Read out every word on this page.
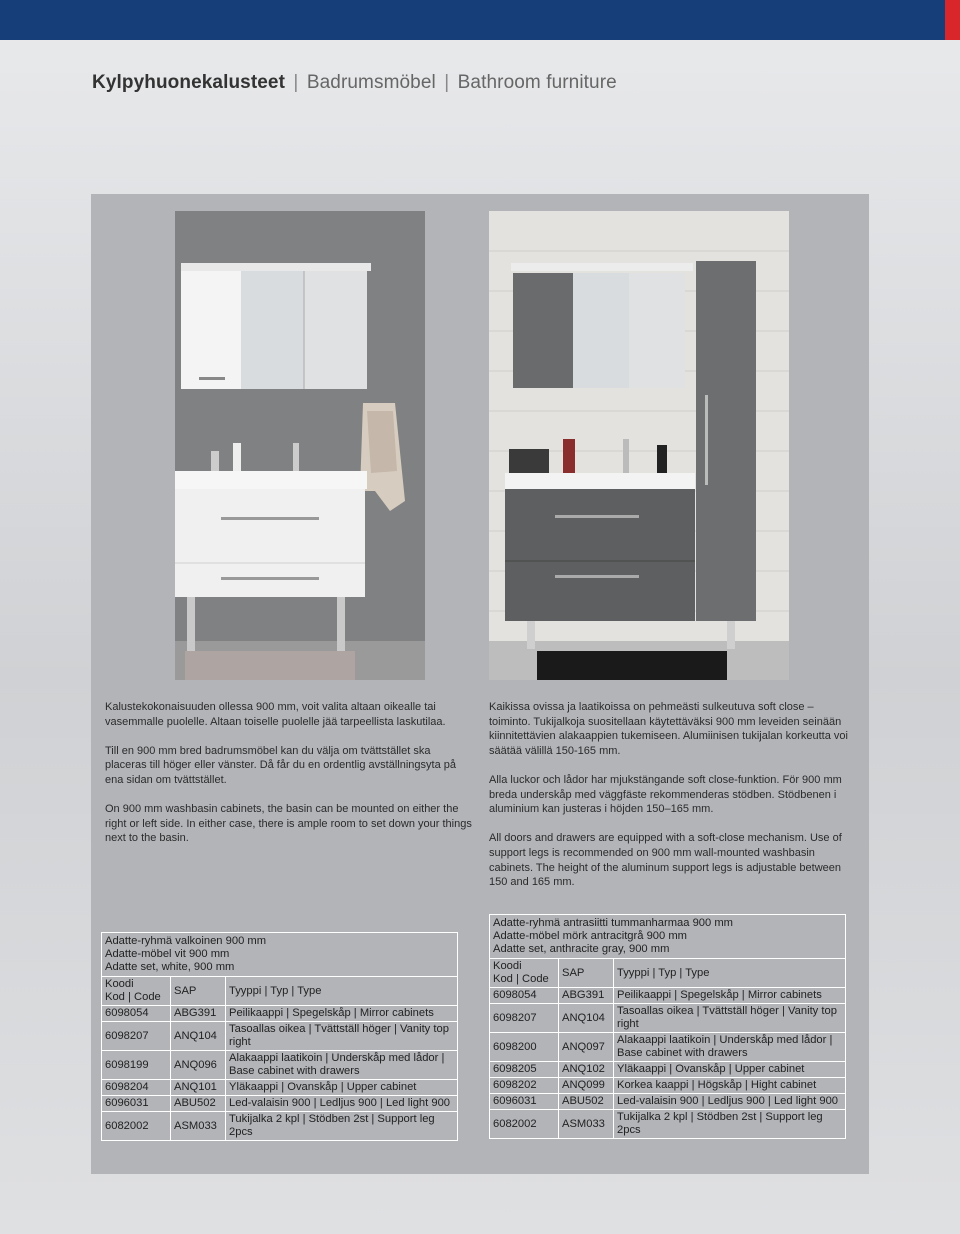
Kylpyhuonekalusteet | Badrumsmöbel | Bathroom furniture

Kalustekokonaisuuden ollessa 900 mm, voit valita altaan oikealle tai vasemmalle puolelle. Altaan toiselle puolelle jää tarpeellista laskutilaa.

Till en 900 mm bred badrumsmöbel kan du välja om tvättstället ska placeras till höger eller vänster. Då får du en ordentlig avställningsyta på ena sidan om tvättstället.

On 900 mm washbasin cabinets, the basin can be mounted on either the right or left side. In either case, there is ample room to set down your things next to the basin.

Kaikissa ovissa ja laatikoissa on pehmeästi sulkeutuva soft close –toiminto. Tukijalkoja suositellaan käytettäväksi 900 mm leveiden seinään kiinnitettävien alakaappien tukemiseen. Alumiinisen tukijalan korkeutta voi säätää välillä 150-165 mm.

Alla luckor och lådor har mjukstängande soft close-funktion. För 900 mm breda underskåp med väggfäste rekommenderas stödben. Stödbenen i aluminium kan justeras i höjden 150–165 mm.

All doors and drawers are equipped with a soft-close mechanism. Use of support legs is recommended on 900 mm wall-mounted washbasin cabinets. The height of the aluminum support legs is adjustable between 150 and 165 mm.

Adatte-ryhmä valkoinen 900 mm
Adatte-möbel vit 900 mm
Adatte set, white, 900 mm		

Koodi
Kod | Code	SAP	Tyyppi | Typ | Type
6098054	ABG391	Peilikaappi | Spegelskåp | Mirror cabinets
6098207	ANQ104	Tasoallas oikea | Tvättställ höger | Vanity top right
6098199	ANQ096	Alakaappi laatikoin | Underskåp med lådor | Base cabinet with drawers
6098204	ANQ101	Yläkaappi | Ovanskåp | Upper cabinet
6096031	ABU502	Led-valaisin 900 | Ledljus 900 | Led light 900
6082002	ASM033	Tukijalka 2 kpl | Stödben 2st | Support leg 2pcs
Adatte-ryhmä antrasiitti tummanharmaa 900 mm
Adatte-möbel mörk antracitgrå 900 mm
Adatte set, anthracite gray, 900 mm		

Koodi
Kod | Code	SAP	Tyyppi | Typ | Type
6098054	ABG391	Peilikaappi | Spegelskåp | Mirror cabinets
6098207	ANQ104	Tasoallas oikea | Tvättställ höger | Vanity top right
6098200	ANQ097	Alakaappi laatikoin | Underskåp med lådor | Base cabinet with drawers
6098205	ANQ102	Yläkaappi | Ovanskåp | Upper cabinet
6098202	ANQ099	Korkea kaappi | Högskåp | Hight cabinet
6096031	ABU502	Led-valaisin 900 | Ledljus 900 | Led light 900
6082002	ASM033	Tukijalka 2 kpl | Stödben 2st | Support leg 2pcs
